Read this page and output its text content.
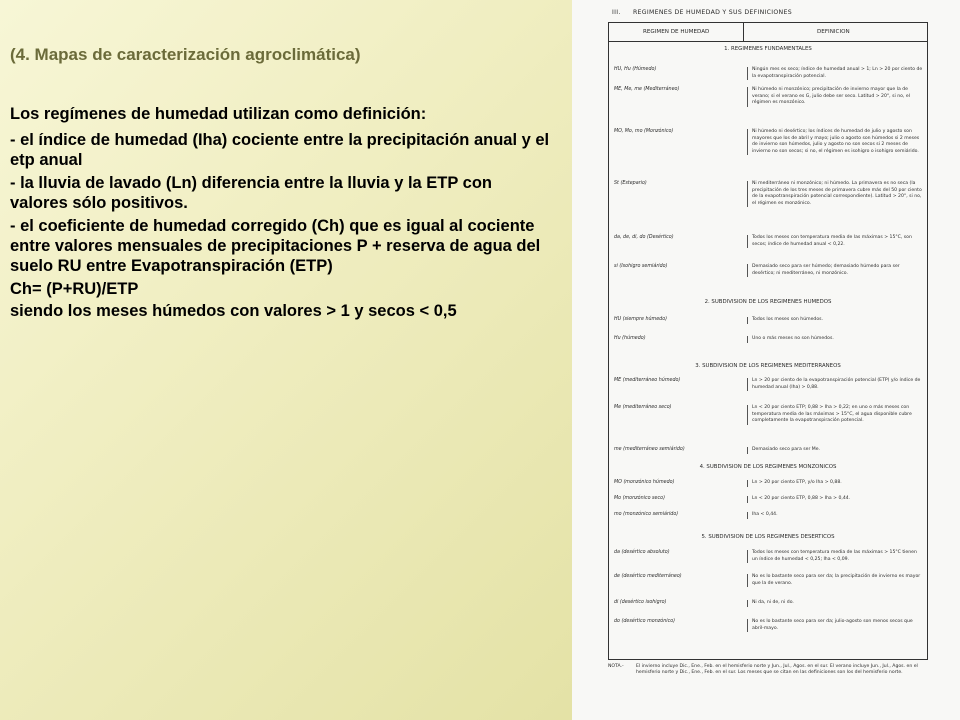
(4. Mapas de caracterización agroclimática)

Los regímenes de humedad utilizan como definición:

- el índice de humedad (Iha) cociente entre la precipitación anual y el etp anual

- la lluvia de lavado (Ln) diferencia entre la lluvia y la ETP con valores sólo positivos.

- el coeficiente de humedad corregido (Ch) que es igual al cociente entre valores mensuales de precipitaciones P + reserva de agua del suelo RU entre Evapotranspiración (ETP)

Ch= (P+RU)/ETP

siendo los meses húmedos con valores > 1 y secos < 0,5

III. REGIMENES DE HUMEDAD Y SUS DEFINICIONES
REGIMEN DE HUMEDAD	DEFINICION
1. REGIMENES FUNDAMENTALES
HU, Hu (Húmedo)	Ningún mes es seco; índice de humedad anual > 1; Ln > 20 por ciento de la evapotranspiración potencial.
ME, Me, me (Mediterráneo)	Ni húmedo ni monzónico; precipitación de invierno mayor que la de verano; si el verano es G, julio debe ser seco. Latitud > 20°, si no, el régimen es monzónico.
MO, Mo, mo (Monzónico)	Ni húmedo ni desértico; los índices de humedad de julio y agosto son mayores que los de abril y mayo; julio o agosto son húmedos si 2 meses de invierno son húmedos, julio y agosto no son secos si 2 meses de invierno no son secos; si no, el régimen es isohigro o isohigro semiárido.
St (Estepario)	Ni mediterráneo ni monzónico; ni húmedo. La primavera es no seca (la precipitación de los tres meses de primavera cubre más del 50 por ciento de la evapotranspiración potencial correspondiente). Latitud > 20°, si no, el régimen es monzónico.
da, de, di, do (Desértico)	Todos los meses con temperatura media de las máximas > 15°C, son secos; índice de humedad anual < 0,22.
si (Isohigro semiárido)	Demasiado seco para ser húmedo; demasiado húmedo para ser desértico; ni mediterráneo, ni monzónico.
2. SUBDIVISION DE LOS REGIMENES HUMEDOS
HU (siempre húmedo)	Todos los meses son húmedos.
Hu (húmedo)	Uno o más meses no son húmedos.
3. SUBDIVISION DE LOS REGIMENES MEDITERRANEOS
ME (mediterráneo húmedo)	Ln > 20 por ciento de la evapotranspiración potencial (ETP) y/o índice de humedad anual (Iha) > 0,88.
Me (mediterráneo seco)	Ln < 20 por ciento ETP; 0,88 > Iha > 0,22; en uno o más meses con temperatura media de las máximas > 15°C, el agua disponible cubre completamente la evapotranspiración potencial.
me (mediterráneo semiárido)	Demasiado seco para ser Me.
4. SUBDIVISION DE LOS REGIMENES MONZONICOS
MO (monzónico húmedo)	Ln > 20 por ciento ETP, y/o Iha > 0,88.
Mo (monzónico seco)	Ln < 20 por ciento ETP, 0,88 > Iha > 0,44.
mo (monzónico semiárido)	Iha < 0,44.
5. SUBDIVISION DE LOS REGIMENES DESERTICOS
da (desértico absoluto)	Todos los meses con temperatura media de las máximas > 15°C tienen un índice de humedad < 0,25; Iha < 0,09.
de (desértico mediterráneo)	No es lo bastante seco para ser da; la precipitación de invierno es mayor que la de verano.
di (desértico isohigro)	Ni da, ni de, ni do.
do (desértico monzónico)	No es lo bastante seco para ser da; julio-agosto son menos secos que abril-mayo.
NOTA.-	El invierno incluye Dic., Ene., Feb. en el hemisferio norte y Jun., Jul., Agos. en el sur. El verano incluye Jun., Jul., Agos. en el hemisferio norte y Dic., Ene., Feb. en el sur. Los meses que se citan en las definiciones son los del hemisferio norte.
